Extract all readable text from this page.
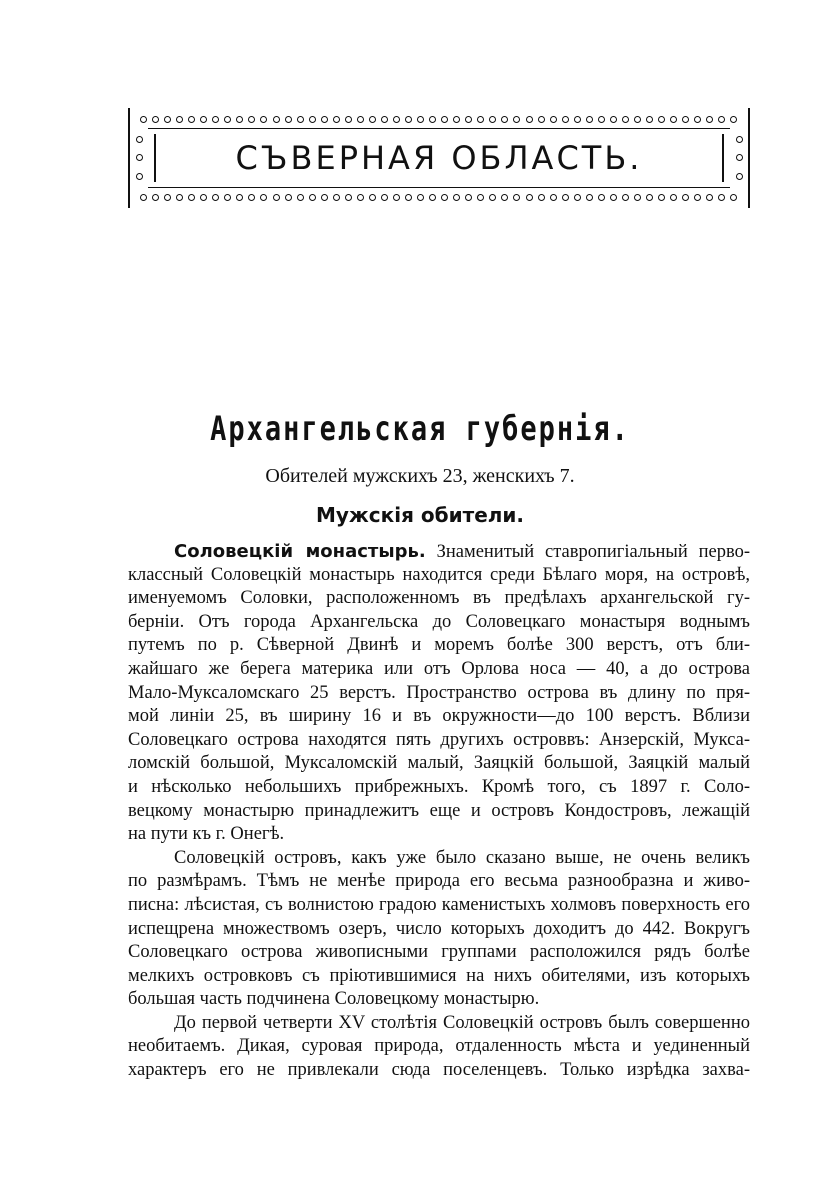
СЪВЕРНАЯ ОБЛАСТЬ.
Архангельская губернія.
Обителей мужскихъ 23, женскихъ 7.
Мужскія обители.
Соловецкій монастырь. Знаменитый ставропигіальный перво-
классный Соловецкій монастырь находится среди Бѣлаго моря, на островѣ,
именуемомъ Соловки, расположенномъ въ предѣлахъ архангельской гу-
берніи. Отъ города Архангельска до Соловецкаго монастыря воднымъ
путемъ по р. Сѣверной Двинѣ и моремъ болѣе 300 верстъ, отъ бли-
жайшаго же берега материка или отъ Орлова носа — 40, а до острова
Мало-Муксаломскаго 25 верстъ. Пространство острова въ длину по пря-
мой линіи 25, въ ширину 16 и въ окружности—до 100 верстъ. Вблизи
Соловецкаго острова находятся пять другихъ островвъ: Анзерскій, Мукса-
ломскій большой, Муксаломскій малый, Заяцкій большой, Заяцкій малый
и нѣсколько небольшихъ прибрежныхъ. Кромѣ того, съ 1897 г. Соло-
вецкому монастырю принадлежитъ еще и островъ Кондостровъ, лежащій
на пути къ г. Онегѣ.
Соловецкій островъ, какъ уже было сказано выше, не очень великъ
по размѣрамъ. Тѣмъ не менѣе природа его весьма разнообразна и живо-
писна: лѣсистая, съ волнистою градою каменистыхъ холмовъ поверхность его
испещрена множествомъ озеръ, число которыхъ доходитъ до 442. Вокругъ
Соловецкаго острова живописными группами расположился рядъ болѣе
мелкихъ островковъ съ пріютившимися на нихъ обителями, изъ которыхъ
большая часть подчинена Соловецкому монастырю.
До первой четверти XV столѣтія Соловецкій островъ былъ совершенно
необитаемъ. Дикая, суровая природа, отдаленность мѣста и уединенный
характеръ его не привлекали сюда поселенцевъ. Только изрѣдка захва-
